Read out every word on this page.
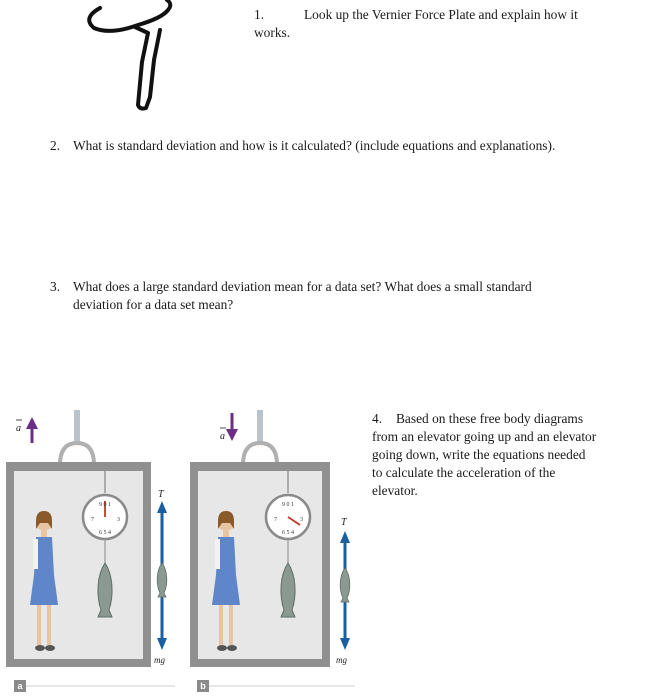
1.	Look up the Vernier Force Plate and explain how it
works.
2. What is standard deviation and how is it calculated? (include equations and explanations).
3. What does a large standard deviation mean for a data set? What does a small standard
deviation for a data set mean?
4. Based on these free body diagrams
from an elevator going up and an elevator
going down, write the equations needed
to calculate the acceleration of the
elevator.
a
9 0 1
7	3
6 5 4
T
mg
a
9 0 1
7	3
6 5 4
T
mg
a	b
